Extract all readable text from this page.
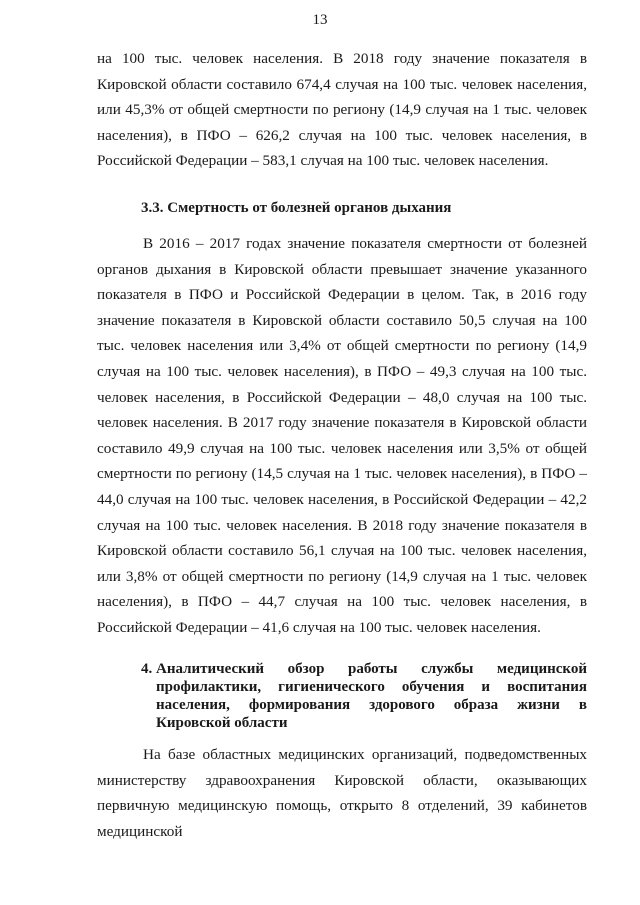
13

на 100 тыс. человек населения. В 2018 году значение показателя в Кировской области составило 674,4 случая на 100 тыс. человек населения, или 45,3% от общей смертности по региону (14,9 случая на 1 тыс. человек населения), в ПФО – 626,2 случая на 100 тыс. человек населения, в Российской Федерации – 583,1 случая на 100 тыс. человек населения.

3.3. Смертность от болезней органов дыхания

В 2016 – 2017 годах значение показателя смертности от болезней органов дыхания в Кировской области превышает значение указанного показателя в ПФО и Российской Федерации в целом. Так, в 2016 году значение показателя в Кировской области составило 50,5 случая на 100 тыс. человек населения или 3,4% от общей смертности по региону (14,9 случая на 100 тыс. человек населения), в ПФО – 49,3 случая на 100 тыс. человек населения, в Российской Федерации – 48,0 случая на 100 тыс. человек населения. В 2017 году значение показателя в Кировской области составило 49,9 случая на 100 тыс. человек населения или 3,5% от общей смертности по региону (14,5 случая на 1 тыс. человек населения), в ПФО – 44,0 случая на 100 тыс. человек населения, в Российской Федерации – 42,2 случая на 100 тыс. человек населения. В 2018 году значение показателя в Кировской области составило 56,1 случая на 100 тыс. человек населения, или 3,8% от общей смертности по региону (14,9 случая на 1 тыс. человек населения), в ПФО – 44,7 случая на 100 тыс. человек населения, в Российской Федерации – 41,6 случая на 100 тыс. человек населения.

4. Аналитический обзор работы службы медицинской профилактики, гигиенического обучения и воспитания населения, формирования здорового образа жизни в Кировской области

На базе областных медицинских организаций, подведомственных министерству здравоохранения Кировской области, оказывающих первичную медицинскую помощь, открыто 8 отделений, 39 кабинетов медицинской
